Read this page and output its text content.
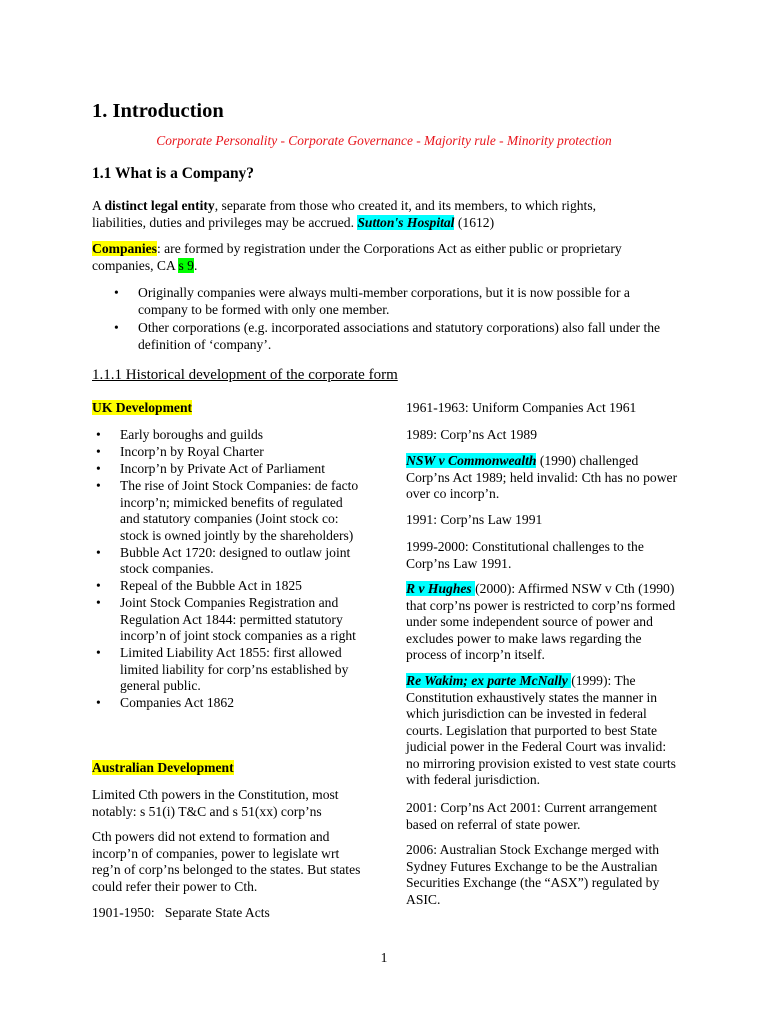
1. Introduction
Corporate Personality - Corporate Governance - Majority rule - Minority protection
1.1 What is a Company?

A distinct legal entity, separate from those who created it, and its members, to which rights, liabilities, duties and privileges may be accrued. Sutton's Hospital (1612)

Companies: are formed by registration under the Corporations Act as either public or proprietary companies, CA s 9.

• Originally companies were always multi-member corporations, but it is now possible for a company to be formed with only one member.
• Other corporations (e.g. incorporated associations and statutory corporations) also fall under the definition of ‘company’.
1.1.1 Historical development of the corporate form

UK Development

• Early boroughs and guilds
• Incorp’n by Royal Charter
• Incorp’n by Private Act of Parliament
• The rise of Joint Stock Companies: de facto incorp’n; mimicked benefits of regulated and statutory companies (Joint stock co: stock is owned jointly by the shareholders)
• Bubble Act 1720: designed to outlaw joint stock companies.
• Repeal of the Bubble Act in 1825
• Joint Stock Companies Registration and Regulation Act 1844: permitted statutory incorp’n of joint stock companies as a right
• Limited Liability Act 1855: first allowed limited liability for corp’ns established by general public.
• Companies Act 1862

Australian Development

Limited Cth powers in the Constitution, most notably: s 51(i) T&C and s 51(xx) corp’ns

Cth powers did not extend to formation and incorp’n of companies, power to legislate wrt reg’n of corp’ns belonged to the states. But states could refer their power to Cth.

1901-1950:   Separate State Acts

1961-1963: Uniform Companies Act 1961

1989: Corp’ns Act 1989

NSW v Commonwealth (1990) challenged Corp’ns Act 1989; held invalid: Cth has no power over co incorp’n.

1991: Corp’ns Law 1991

1999-2000: Constitutional challenges to the Corp’ns Law 1991.

R v Hughes (2000): Affirmed NSW v Cth (1990) that corp’ns power is restricted to corp’ns formed under some independent source of power and excludes power to make laws regarding the process of incorp’n itself.

Re Wakim; ex parte McNally (1999): The Constitution exhaustively states the manner in which jurisdiction can be invested in federal courts. Legislation that purported to best State judicial power in the Federal Court was invalid: no mirroring provision existed to vest state courts with federal jurisdiction.

2001: Corp’ns Act 2001: Current arrangement based on referral of state power.

2006: Australian Stock Exchange merged with Sydney Futures Exchange to be the Australian Securities Exchange (the “ASX”) regulated by ASIC.

1
